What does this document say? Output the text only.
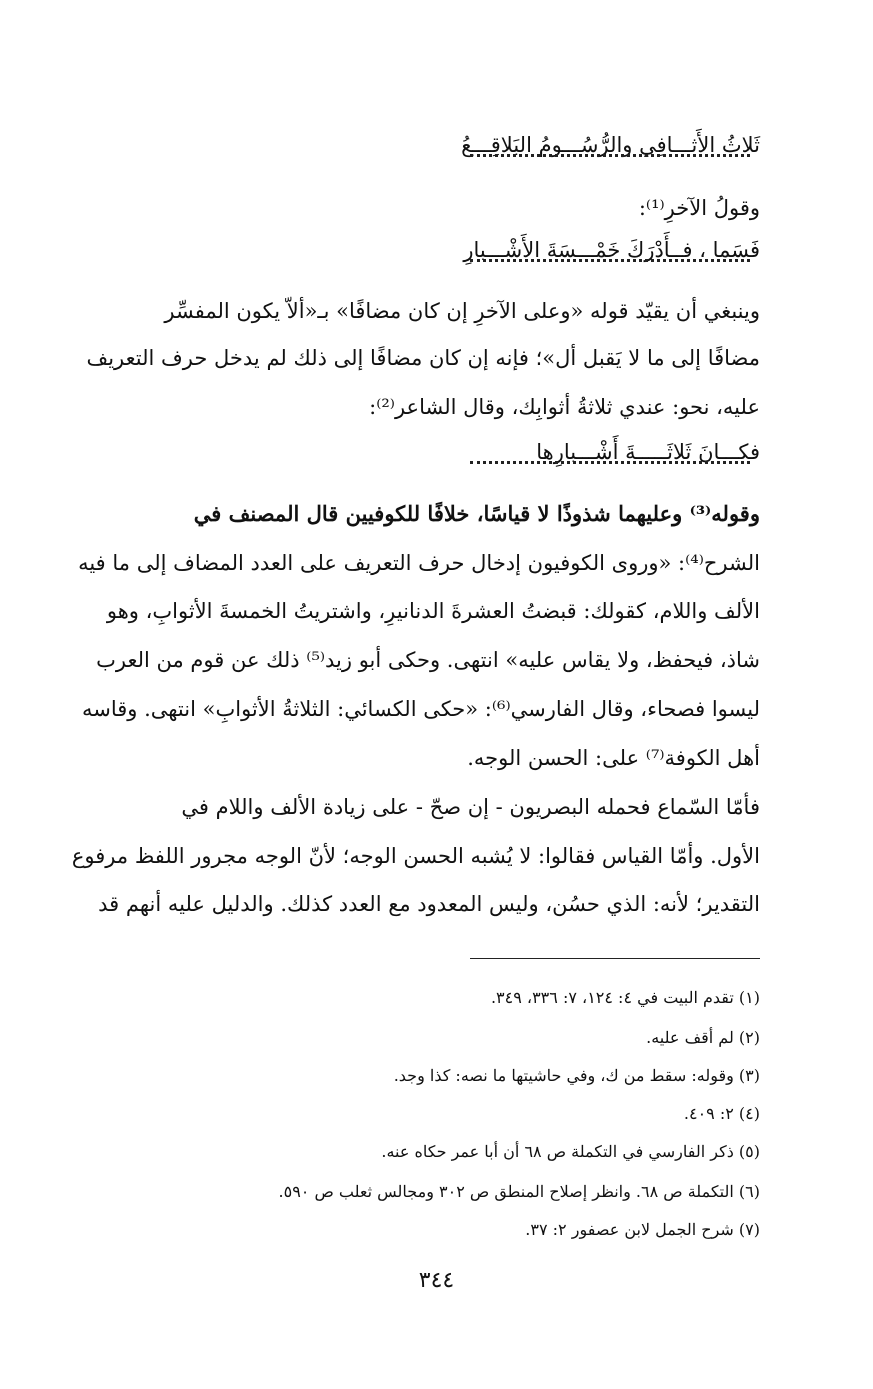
ثَلاثُ الأَثـــافِي والرُّسُـــومُ البَلاقِـــعُ
وقولُ الآخرِ⁽¹⁾:
فَسَما ، فــأَدْرَكَ خَمْـــسَةَ الأَشْـــبارِ
وينبغي أن يقيّد قوله «وعلى الآخرِ إن كان مضافًا» بـ«ألاّ يكون المفسِّر
مضافًا إلى ما لا يَقبل أل»؛ فإنه إن كان مضافًا إلى ذلك لم يدخل حرف التعريف
عليه، نحو: عندي ثلاثةُ أثوابِك، وقال الشاعر⁽²⁾:
فكـــانَ ثَلاثَـــــةَ أَشْـــبارِها
وقوله⁽³⁾ وعليهما شذوذًا لا قياسًا، خلافًا للكوفيين قال المصنف في
الشرح⁽⁴⁾: «وروى الكوفيون إدخال حرف التعريف على العدد المضاف إلى ما فيه
الألف واللام، كقولك: قبضتُ العشرةَ الدنانيرِ، واشتريتُ الخمسةَ الأثوابِ، وهو
شاذ، فيحفظ، ولا يقاس عليه» انتهى. وحكى أبو زيد⁽⁵⁾ ذلك عن قوم من العرب
ليسوا فصحاء، وقال الفارسي⁽⁶⁾: «حكى الكسائي: الثلاثةُ الأثوابِ» انتهى. وقاسه
أهل الكوفة⁽⁷⁾ على: الحسن الوجه.
فأمّا السّماع فحمله البصريون - إن صحّ - على زيادة الألف واللام في
الأول. وأمّا القياس فقالوا: لا يُشبه الحسن الوجه؛ لأنّ الوجه مجرور اللفظ مرفوع
التقدير؛ لأنه: الذي حسُن، وليس المعدود مع العدد كذلك. والدليل عليه أنهم قد
(١) تقدم البيت في ٤: ١٢٤، ٧: ٣٣٦، ٣٤٩.
(٢) لم أقف عليه.
(٣) وقوله: سقط من ك، وفي حاشيتها ما نصه: كذا وجد.
(٤) ٢: ٤٠٩.
(٥) ذكر الفارسي في التكملة ص ٦٨ أن أبا عمر حكاه عنه.
(٦) التكملة ص ٦٨. وانظر إصلاح المنطق ص ٣٠٢ ومجالس ثعلب ص ٥٩٠.
(٧) شرح الجمل لابن عصفور ٢: ٣٧.
٣٤٤
